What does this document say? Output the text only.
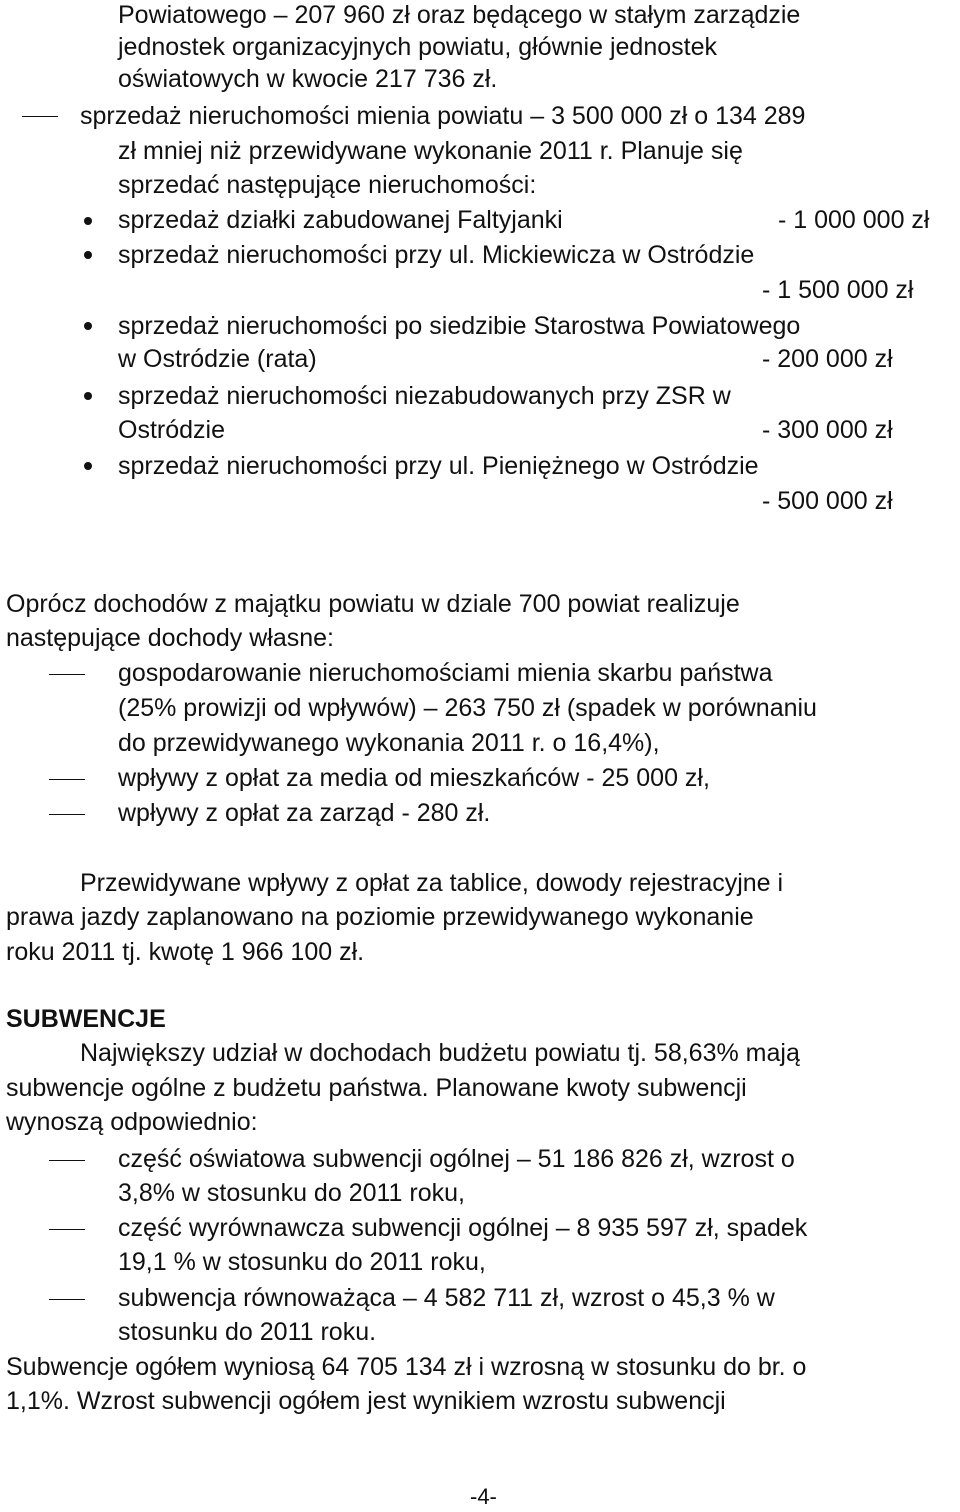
Powiatowego – 207 960 zł oraz będącego w stałym zarządzie
jednostek organizacyjnych powiatu, głównie jednostek
oświatowych w kwocie 217 736 zł.
sprzedaż nieruchomości mienia powiatu – 3 500 000 zł o 134 289
zł mniej niż przewidywane wykonanie 2011 r. Planuje się
sprzedać następujące nieruchomości:
sprzedaż działki zabudowanej Faltyjanki	- 1 000 000 zł
sprzedaż nieruchomości przy ul. Mickiewicza w Ostródzie
- 1 500 000 zł
sprzedaż nieruchomości po siedzibie Starostwa Powiatowego
w Ostródzie (rata)	- 200 000 zł
sprzedaż nieruchomości niezabudowanych przy ZSR w
Ostródzie	- 300 000 zł
sprzedaż nieruchomości przy ul. Pieniężnego w Ostródzie
- 500 000 zł
Oprócz dochodów z majątku powiatu w dziale 700 powiat realizuje
następujące dochody własne:
gospodarowanie nieruchomościami mienia skarbu państwa
(25% prowizji od wpływów) – 263 750 zł (spadek w porównaniu
do przewidywanego wykonania 2011 r. o 16,4%),
wpływy z opłat za media od mieszkańców - 25 000 zł,
wpływy z opłat za zarząd - 280 zł.
Przewidywane wpływy z opłat za tablice, dowody rejestracyjne i
prawa jazdy zaplanowano na poziomie przewidywanego wykonanie
roku 2011 tj. kwotę 1 966 100 zł.
SUBWENCJE
Największy udział w dochodach budżetu powiatu tj. 58,63% mają
subwencje ogólne z budżetu państwa. Planowane kwoty subwencji
wynoszą odpowiednio:
część oświatowa subwencji ogólnej – 51 186 826 zł, wzrost o
3,8% w stosunku do 2011 roku,
część wyrównawcza subwencji ogólnej – 8 935 597 zł, spadek
19,1 % w stosunku do 2011 roku,
subwencja równoważąca – 4 582 711 zł, wzrost o 45,3 % w
stosunku do 2011 roku.
Subwencje ogółem wyniosą 64 705 134 zł i wzrosną w stosunku do br. o
1,1%. Wzrost subwencji ogółem jest wynikiem wzrostu subwencji
-4-
